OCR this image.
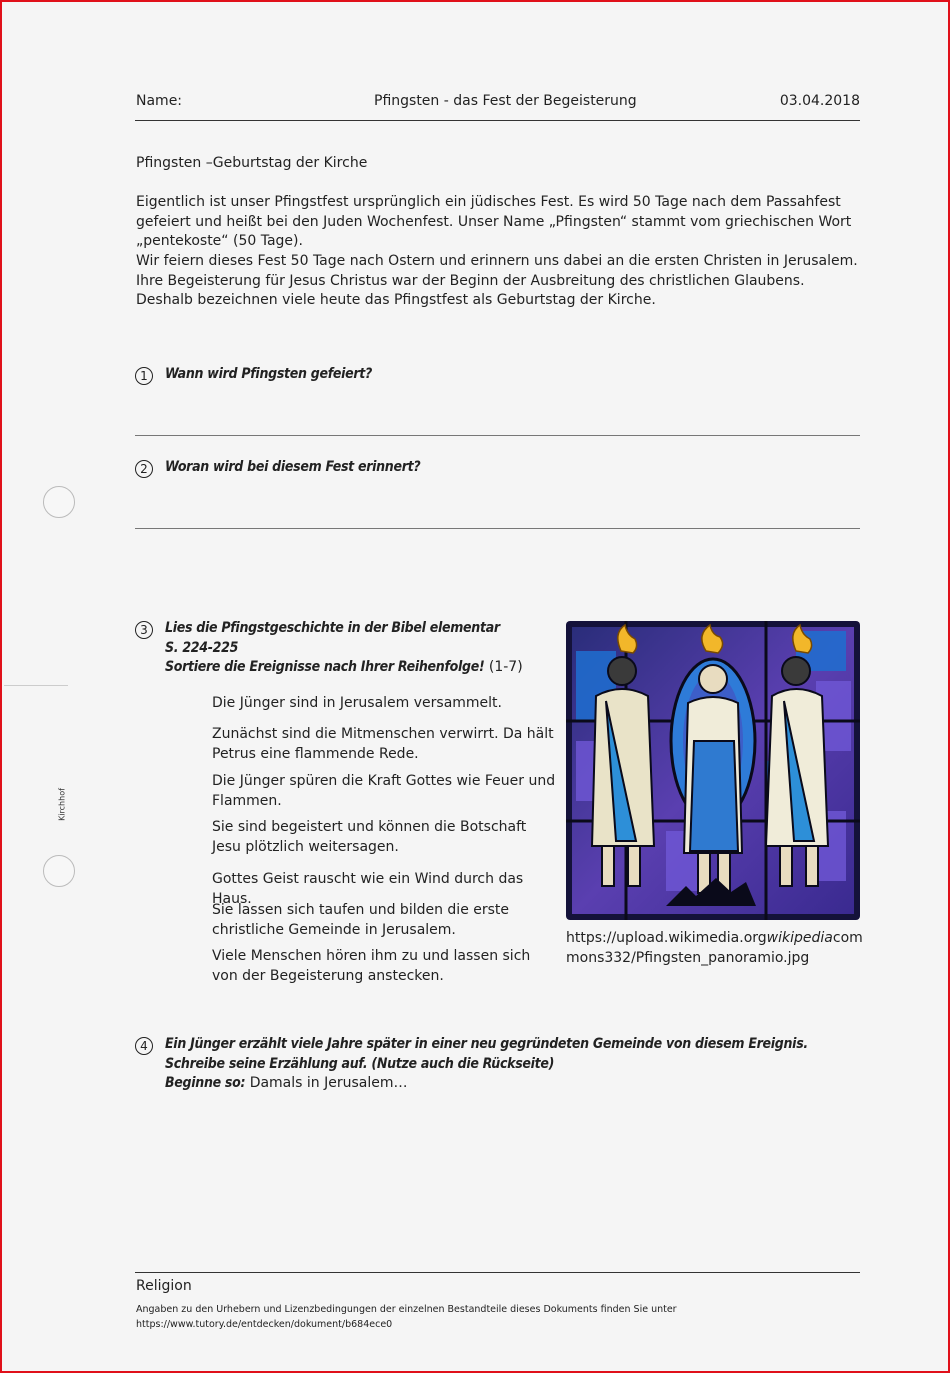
Name:	Pfingsten - das Fest der Begeisterung	03.04.2018
Pfingsten –Geburtstag der Kirche
Eigentlich ist unser Pfingstfest ursprünglich ein jüdisches Fest. Es wird 50 Tage nach dem Passahfest gefeiert und heißt bei den Juden Wochenfest. Unser Name „Pfingsten“ stammt vom griechischen Wort „pentekoste“ (50 Tage).
Wir feiern dieses Fest 50 Tage nach Ostern und erinnern uns dabei an die ersten Christen in Jerusalem. Ihre Begeisterung für Jesus Christus war der Beginn der Ausbreitung des christlichen Glaubens. Deshalb bezeichnen viele heute das Pfingstfest als Geburtstag der Kirche.
1	Wann wird Pfingsten gefeiert?
2	Woran wird bei diesem Fest erinnert?
Kirchhof
3	Lies die Pfingstgeschichte in der Bibel elementar
S. 224-225
Sortiere die Ereignisse nach Ihrer Reihenfolge! (1-7)
Die Jünger sind in Jerusalem versammelt.
Zunächst sind die Mitmenschen verwirrt. Da hält Petrus eine flammende Rede.
Die Jünger spüren die Kraft Gottes wie Feuer und Flammen.
Sie sind begeistert und können die Botschaft Jesu plötzlich weitersagen.
Gottes Geist rauscht wie ein Wind durch das Haus.
Sie lassen sich taufen und bilden die erste christliche Gemeinde in Jerusalem.
Viele Menschen hören ihm zu und lassen sich von der Begeisterung anstecken.
https://upload.wikimedia.orgwikipediacom
mons332/Pfingsten_panoramio.jpg
4	Ein Jünger erzählt viele Jahre später in einer neu gegründeten Gemeinde von diesem Ereignis.
Schreibe seine Erzählung auf. (Nutze auch die Rückseite)
Beginne so: Damals in Jerusalem…
Religion
Angaben zu den Urhebern und Lizenzbedingungen der einzelnen Bestandteile dieses Dokuments finden Sie unter
https://www.tutory.de/entdecken/dokument/b684ece0
